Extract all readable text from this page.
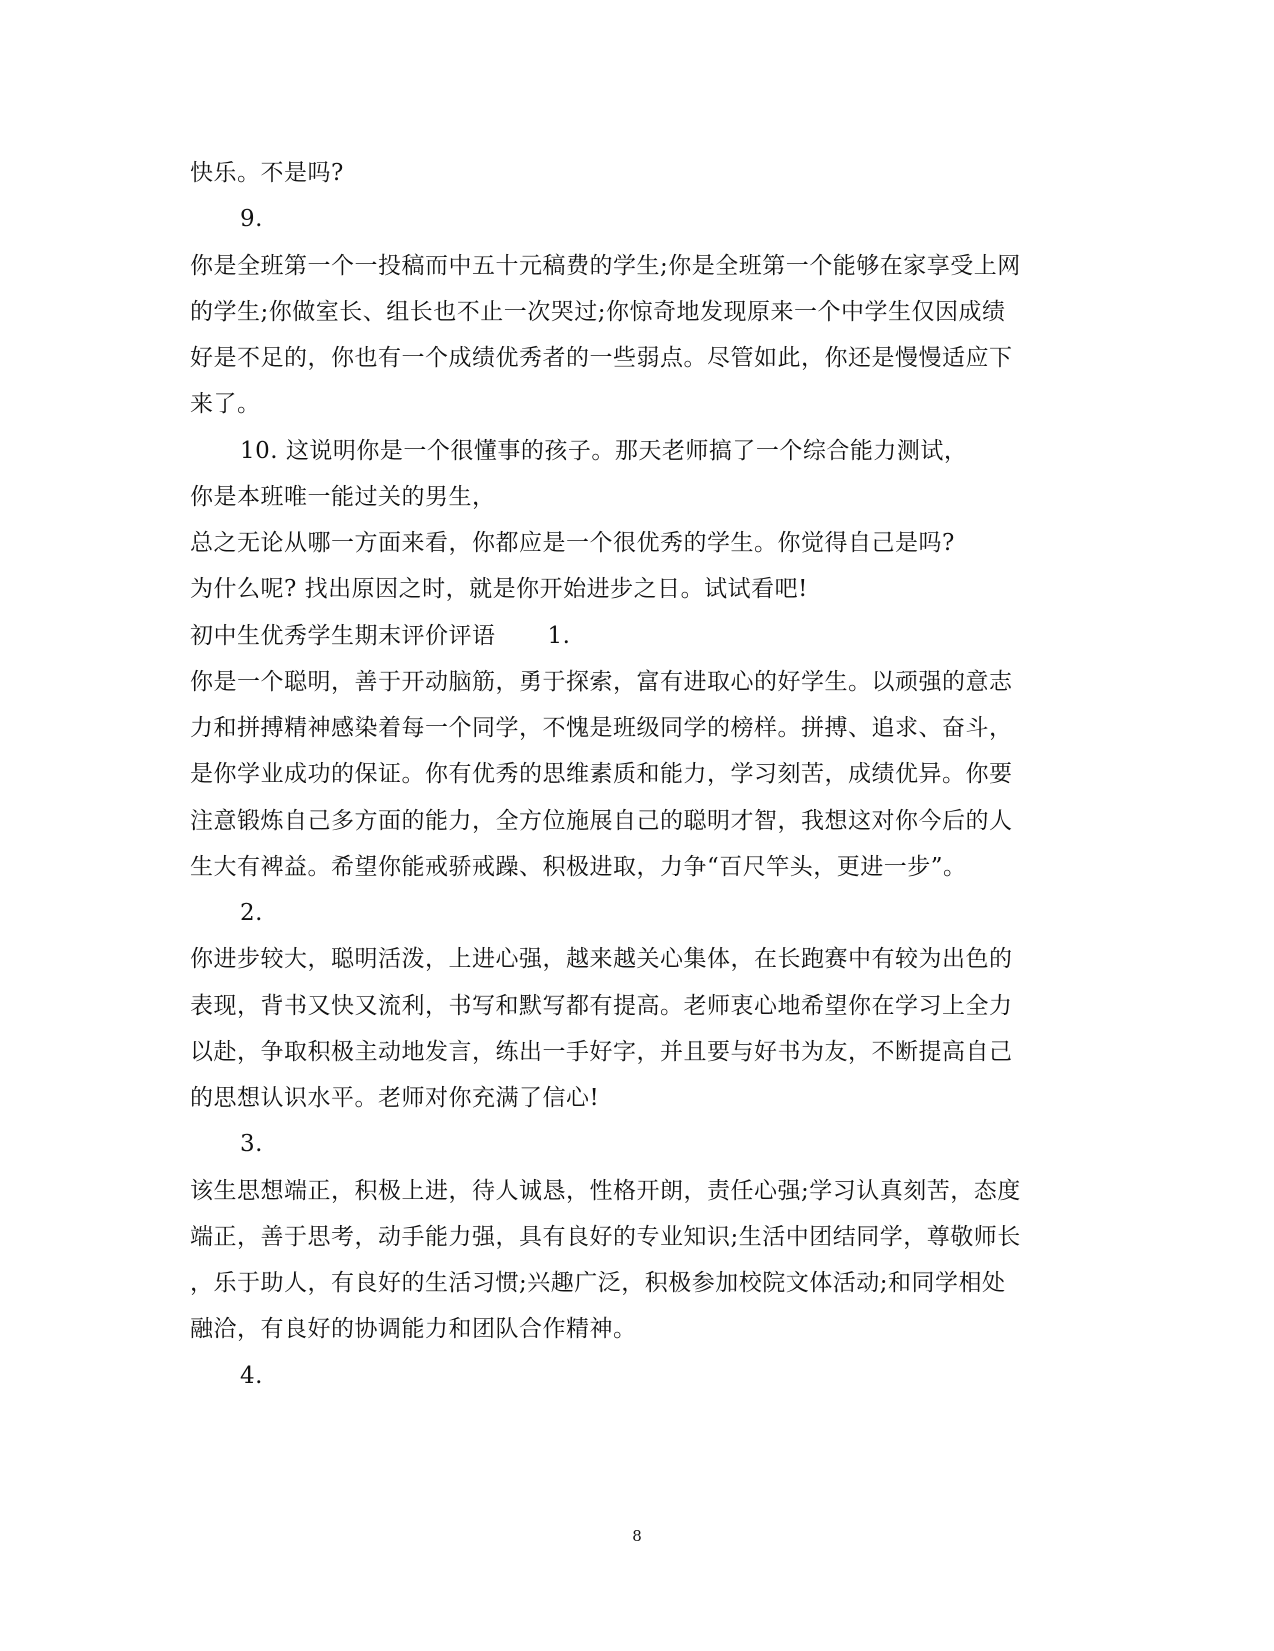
快乐。不是吗?
9.
你是全班第一个一投稿而中五十元稿费的学生;你是全班第一个能够在家享受上网
的学生;你做室长、组长也不止一次哭过;你惊奇地发现原来一个中学生仅因成绩
好是不足的，你也有一个成绩优秀者的一些弱点。尽管如此，你还是慢慢适应下
来了。
10. 这说明你是一个很懂事的孩子。那天老师搞了一个综合能力测试，
你是本班唯一能过关的男生，
总之无论从哪一方面来看，你都应是一个很优秀的学生。你觉得自己是吗?
为什么呢? 找出原因之时，就是你开始进步之日。试试看吧!
初中生优秀学生期末评价评语 1.
你是一个聪明，善于开动脑筋，勇于探索，富有进取心的好学生。以顽强的意志
力和拼搏精神感染着每一个同学，不愧是班级同学的榜样。拼搏、追求、奋斗，
是你学业成功的保证。你有优秀的思维素质和能力，学习刻苦，成绩优异。你要
注意锻炼自己多方面的能力，全方位施展自己的聪明才智，我想这对你今后的人
生大有裨益。希望你能戒骄戒躁、积极进取，力争“百尺竿头，更进一步”。
2.
你进步较大，聪明活泼，上进心强，越来越关心集体，在长跑赛中有较为出色的
表现，背书又快又流利，书写和默写都有提高。老师衷心地希望你在学习上全力
以赴，争取积极主动地发言，练出一手好字，并且要与好书为友，不断提高自己
的思想认识水平。老师对你充满了信心!
3.
该生思想端正，积极上进，待人诚恳，性格开朗，责任心强;学习认真刻苦，态度
端正，善于思考，动手能力强，具有良好的专业知识;生活中团结同学，尊敬师长
，乐于助人，有良好的生活习惯;兴趣广泛，积极参加校院文体活动;和同学相处
融洽，有良好的协调能力和团队合作精神。
4.
8
